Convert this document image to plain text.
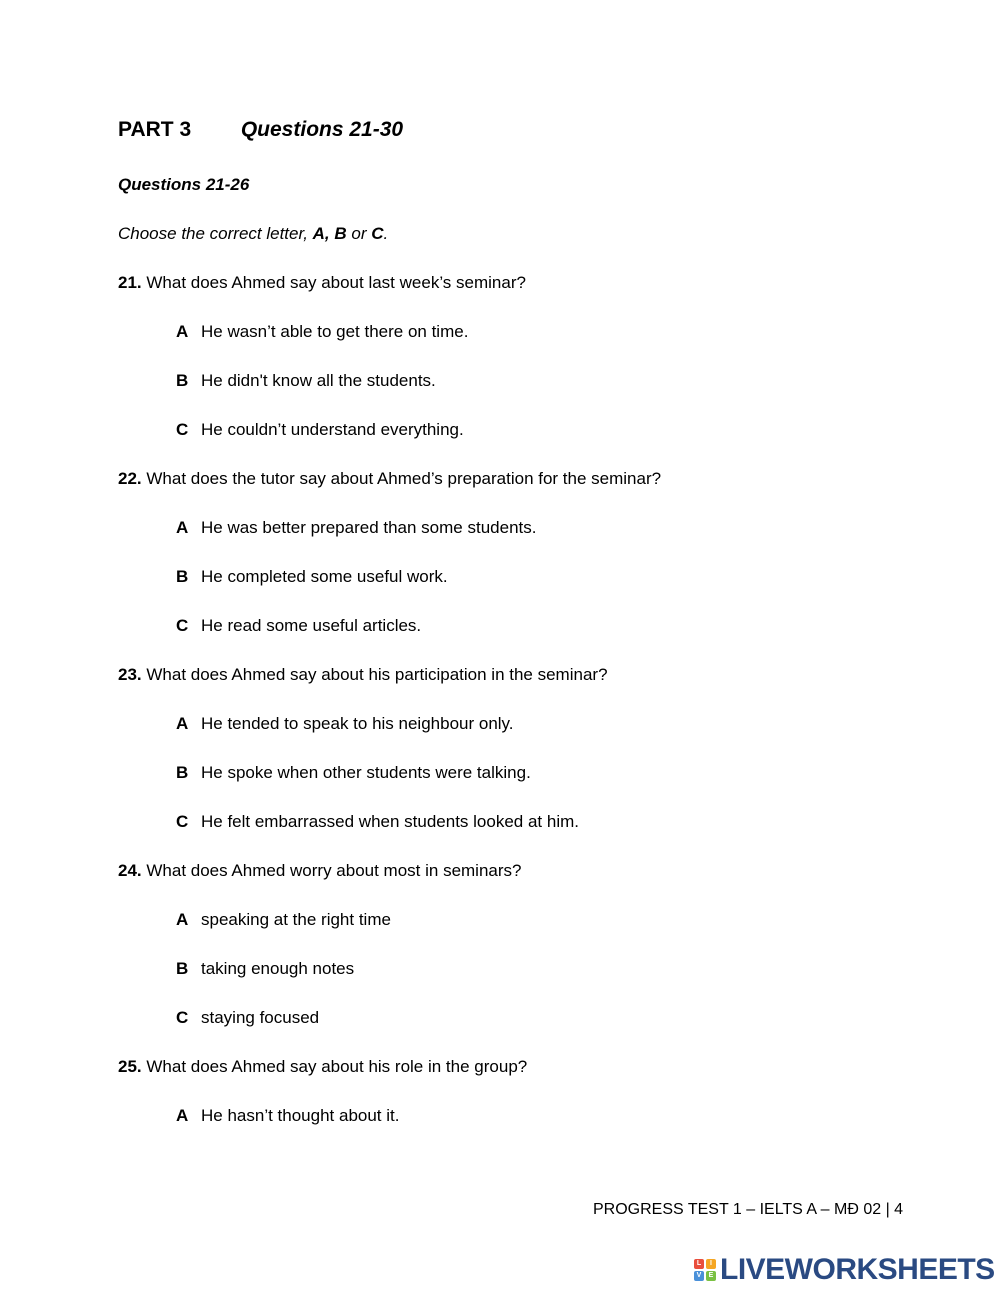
PART 3 Questions 21-30
Questions 21-26
Choose the correct letter, A, B or C.
21. What does Ahmed say about last week’s seminar?
A He wasn’t able to get there on time.
B He didn't know all the students.
C He couldn’t understand everything.
22. What does the tutor say about Ahmed’s preparation for the seminar?
A He was better prepared than some students.
B He completed some useful work.
C He read some useful articles.
23. What does Ahmed say about his participation in the seminar?
A He tended to speak to his neighbour only.
B He spoke when other students were talking.
C He felt embarrassed when students looked at him.
24. What does Ahmed worry about most in seminars?
A speaking at the right time
B taking enough notes
C staying focused
25. What does Ahmed say about his role in the group?
A He hasn’t thought about it.
PROGRESS TEST 1 – IELTS A – MĐ 02 | 4
L	I
V	E LIVEWORKSHEETS
